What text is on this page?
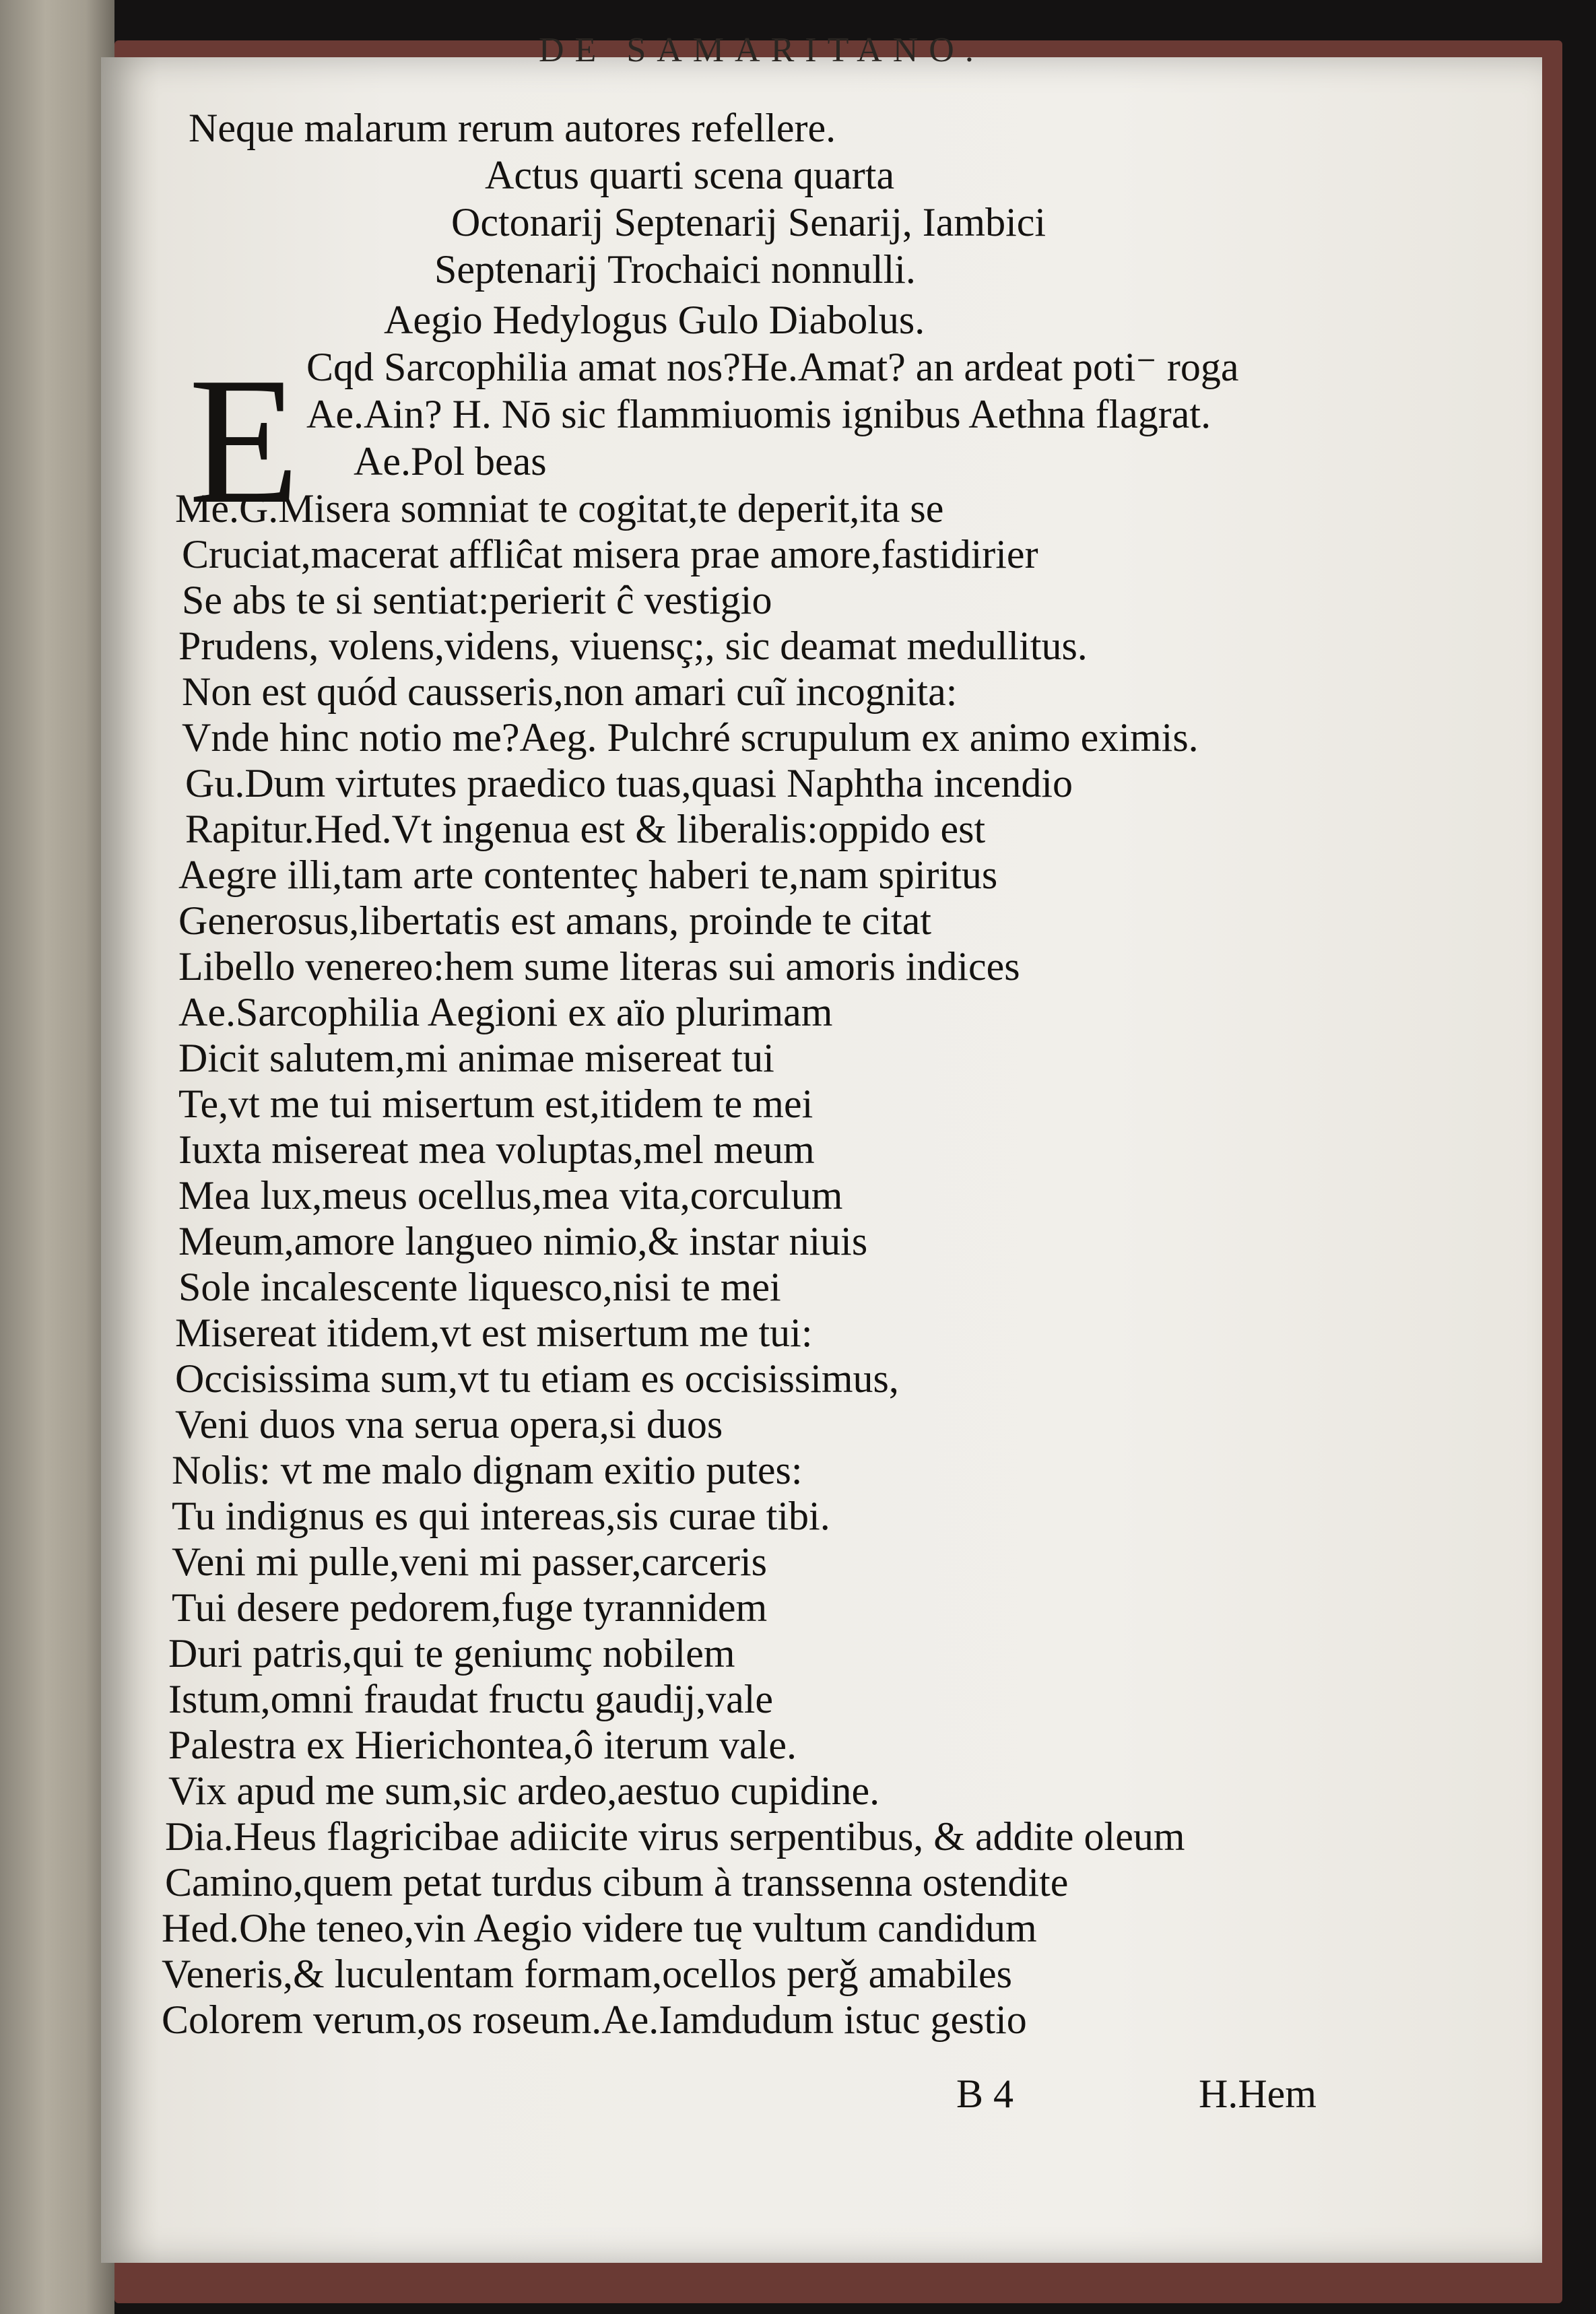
DE SAMARITANO.
E
Neque malarum rerum autores refellere.
Actus quarti scena quarta
Octonarij Septenarij Senarij, Iambici
Septenarij Trochaici nonnulli.
Aegio Hedylogus Gulo Diabolus.
Cqd Sarcophilia amat nos?He.Amat? an ardeat poti⁻ roga
Ae.Ain? H. Nō sic flammiuomis ignibus Aethna flagrat.
Ae.Pol beas
Me.G.Misera somniat te cogitat,te deperit,ita se
Cruciat,macerat affliĉat misera prae amore,fastidirier
Se abs te si sentiat:perierit ĉ vestigio
Prudens, volens,videns, viuensç;, sic deamat medullitus.
Non est quód causseris,non amari cuĩ incognita:
Vnde hinc notio me?Aeg. Pulchré scrupulum ex animo eximis.
Gu.Dum virtutes praedico tuas,quasi Naphtha incendio
Rapitur.Hed.Vt ingenua est & liberalis:oppido est
Aegre illi,tam arte contenteç haberi te,nam spiritus
Generosus,libertatis est amans, proinde te citat
Libello venereo:hem sume literas sui amoris indices
Ae.Sarcophilia Aegioni ex aïo plurimam
Dicit salutem,mi animae misereat tui
Te,vt me tui misertum est,itidem te mei
Iuxta misereat mea voluptas,mel meum
Mea lux,meus ocellus,mea vita,corculum
Meum,amore langueo nimio,& instar niuis
Sole incalescente liquesco,nisi te mei
Misereat itidem,vt est misertum me tui:
Occisissima sum,vt tu etiam es occisissimus,
Veni duos vna serua opera,si duos
Nolis: vt me malo dignam exitio putes:
Tu indignus es qui intereas,sis curae tibi.
Veni mi pulle,veni mi passer,carceris
Tui desere pedorem,fuge tyrannidem
Duri patris,qui te geniumç nobilem
Istum,omni fraudat fructu gaudij,vale
Palestra ex Hierichontea,ô iterum vale.
Vix apud me sum,sic ardeo,aestuo cupidine.
Dia.Heus flagricibae adiicite virus serpentibus, & addite oleum
Camino,quem petat turdus cibum à transsenna ostendite
Hed.Ohe teneo,vin Aegio videre tuę vultum candidum
Veneris,& luculentam formam,ocellos perǧ amabiles
Colorem verum,os roseum.Ae.Iamdudum istuc gestio
B 4	H.Hem
